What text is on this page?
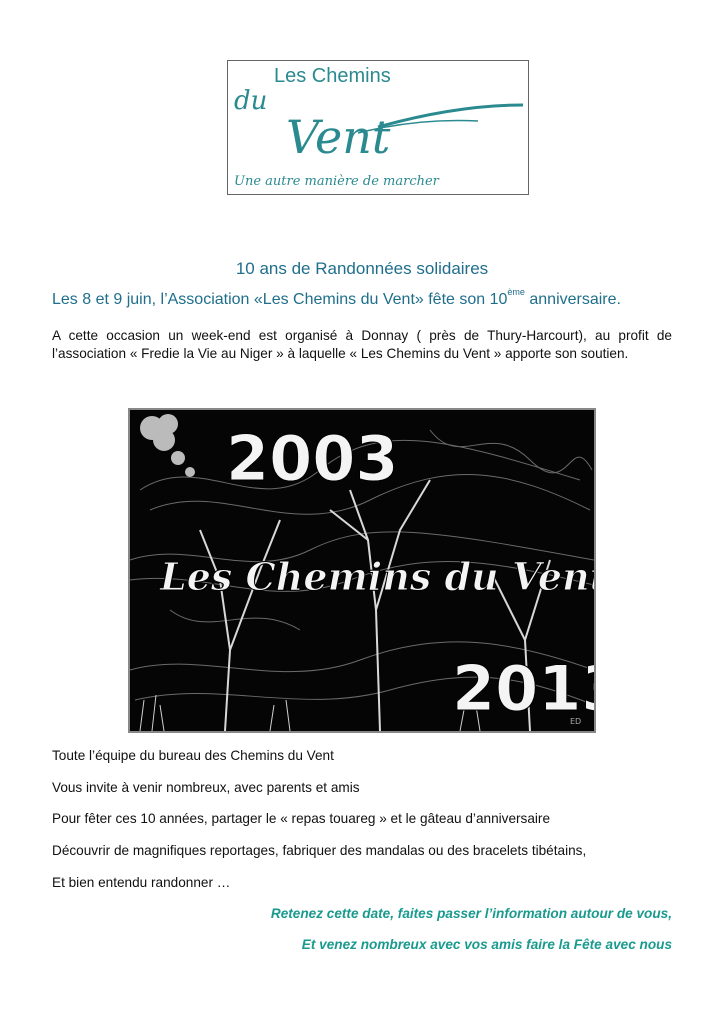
Les Chemins
du
Vent
Une autre manière de marcher
10 ans de Randonnées solidaires
Les 8 et 9 juin, l’Association «Les Chemins du Vent» fête son 10ème anniversaire.
A cette occasion un week-end est organisé à Donnay ( près de Thury-Harcourt), au profit de l’association « Fredie la Vie au Niger » à laquelle « Les Chemins du Vent » apporte son soutien.
2003
Les Chemins du Vent
201
ED
Toute l’équipe du bureau des Chemins du Vent
Vous invite à venir nombreux, avec parents et amis
Pour fêter ces 10 années, partager le « repas touareg » et le gâteau d’anniversaire
Découvrir de magnifiques reportages, fabriquer des mandalas ou des bracelets tibétains,
Et bien entendu randonner …
Retenez cette date, faites passer l’information autour de vous,
Et venez nombreux avec vos amis faire la Fête avec nous
